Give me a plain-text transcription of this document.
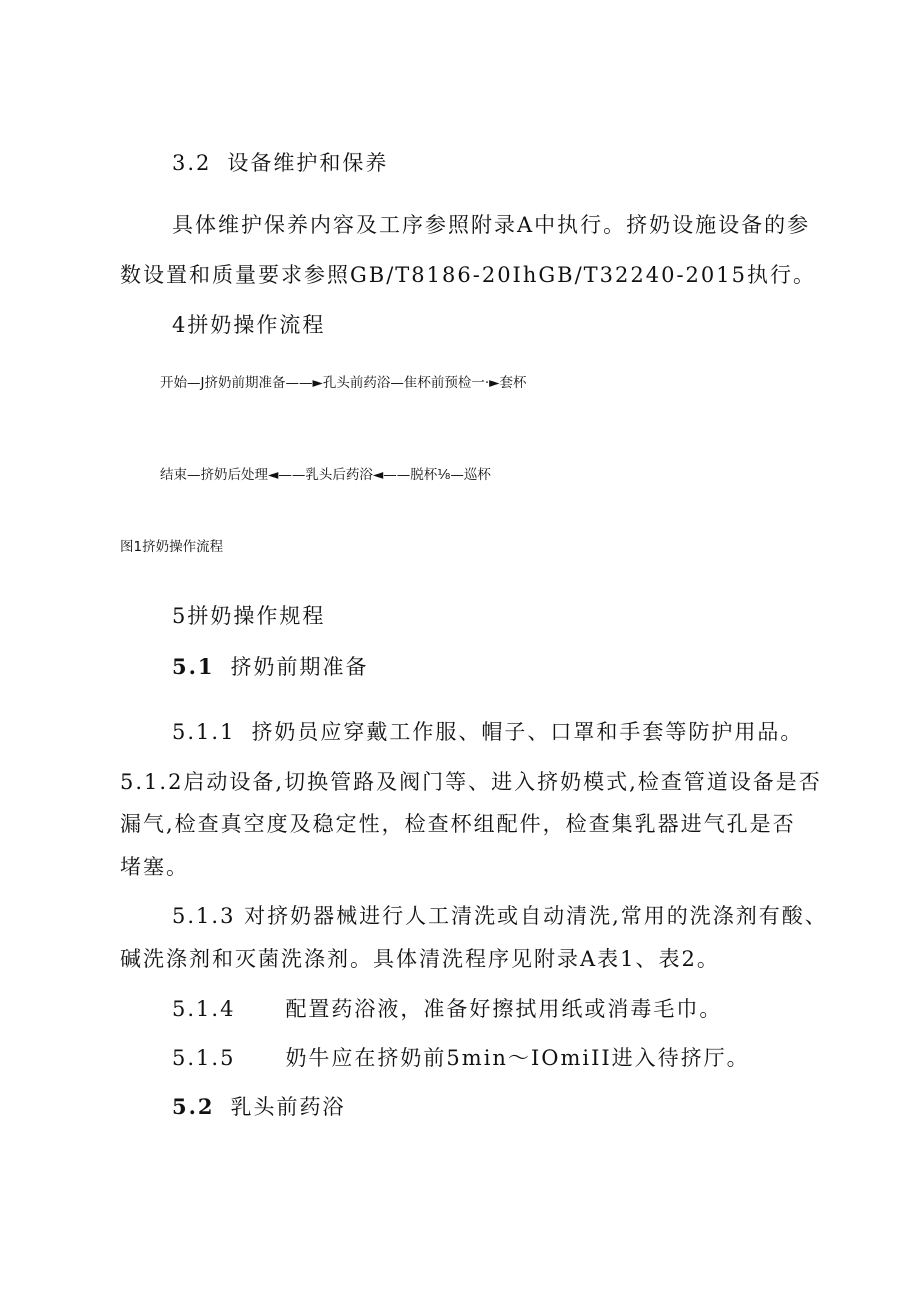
3.2 设备维护和保养
具体维护保养内容及工序参照附录A中执行。挤奶设施设备的参
数设置和质量要求参照GB/T8186-20IhGB/T32240-2015执行。
4拼奶操作流程
开始—J挤奶前期准备——►孔头前药浴—隹杯前预检一·►套杯
结束—挤奶后处理◄——乳头后药浴◄——脱杯⅛—巡杯
图1挤奶操作流程
5拼奶操作规程
5.1 挤奶前期准备
5.1.1 挤奶员应穿戴工作服、帽子、口罩和手套等防护用品。
5.1.2启动设备,切换管路及阀门等、进入挤奶模式,检查管道设备是否
漏气,检查真空度及稳定性，检查杯组配件，检查集乳器进气孔是否
堵塞。
5.1.3 对挤奶器械进行人工清洗或自动清洗,常用的洗涤剂有酸、
碱洗涤剂和灭菌洗涤剂。具体清洗程序见附录A表1、表2。
5.1.4 配置药浴液，准备好擦拭用纸或消毒毛巾。
5.1.5 奶牛应在挤奶前5min〜IOmiII进入待挤厅。
5.2 乳头前药浴
